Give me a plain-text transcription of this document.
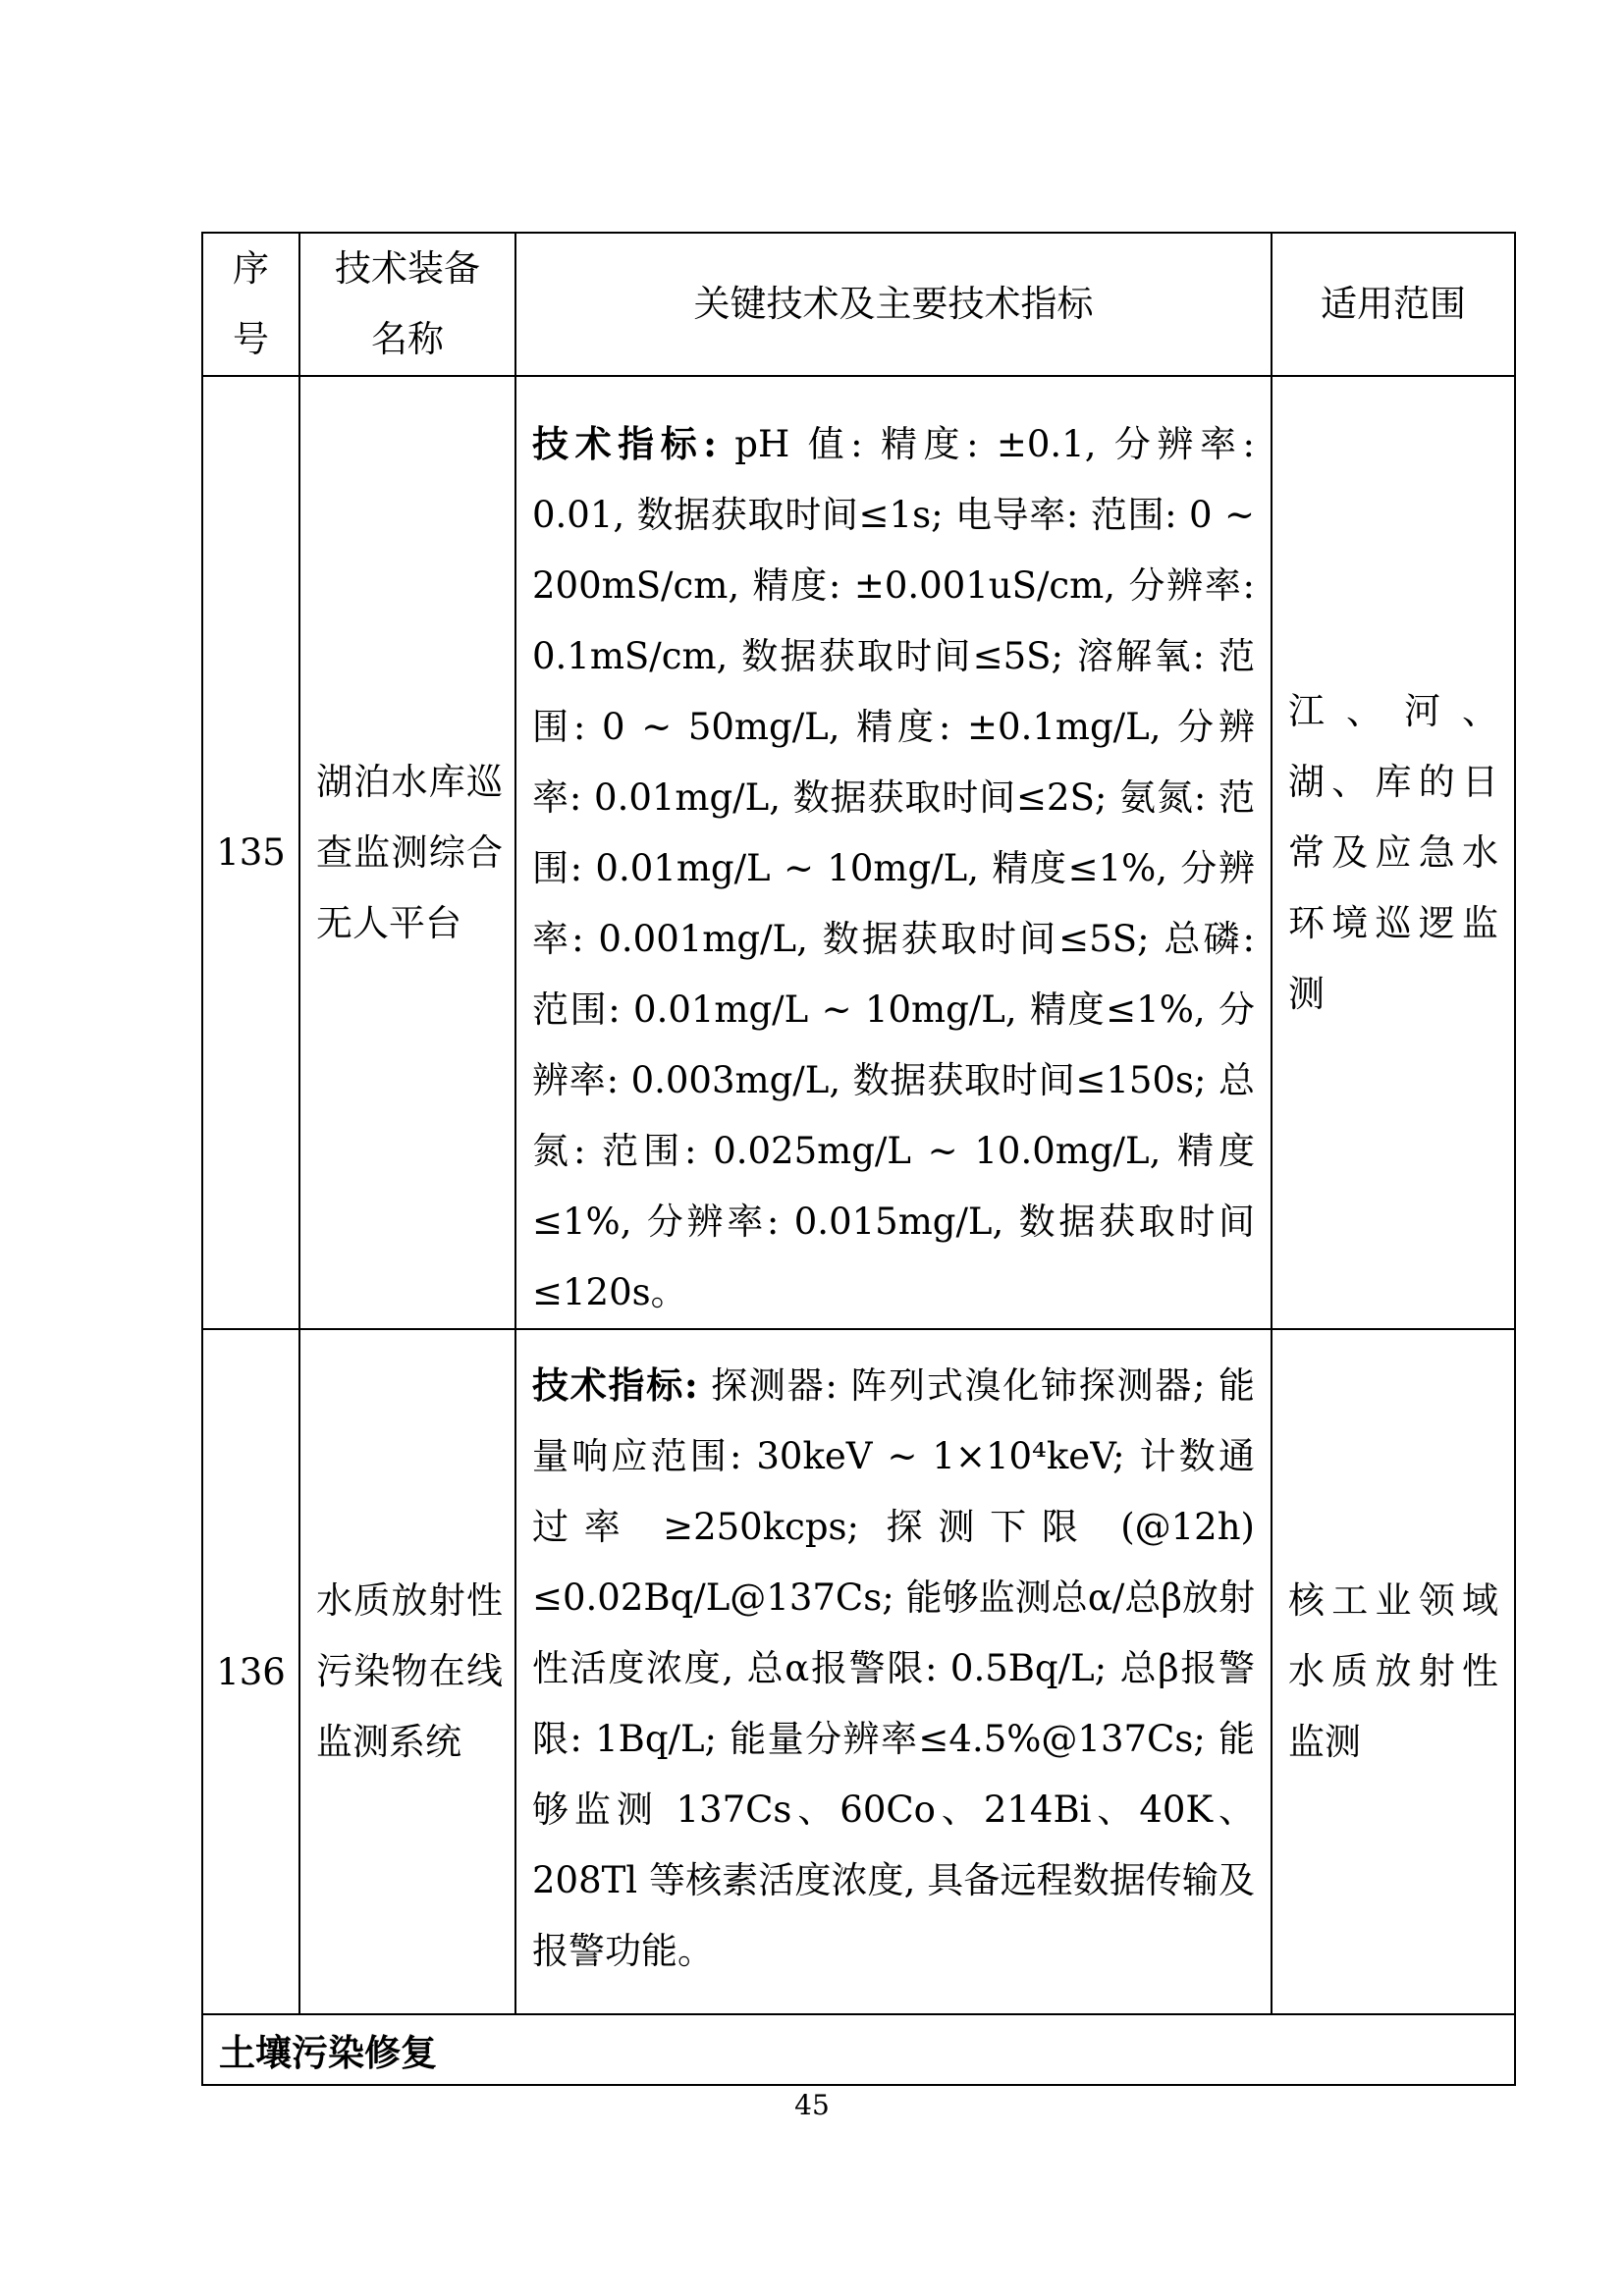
序号	技术装备名称	关键技术及主要技术指标	适用范围
135	湖泊水库巡查监测综合无人平台	技术指标: pH 值: 精度: ±0.1, 分辨率: 0.01, 数据获取时间≤1s; 电导率: 范围: 0 ~ 200mS/cm, 精度: ±0.001uS/cm, 分辨率: 0.1mS/cm, 数据获取时间≤5S; 溶解氧: 范围: 0 ~ 50mg/L, 精度: ±0.1mg/L, 分辨率: 0.01mg/L, 数据获取时间≤2S; 氨氮: 范围: 0.01mg/L ~ 10mg/L, 精度≤1%, 分辨率: 0.001mg/L, 数据获取时间≤5S; 总磷: 范围: 0.01mg/L ~ 10mg/L, 精度≤1%, 分辨率: 0.003mg/L, 数据获取时间≤150s; 总氮: 范围: 0.025mg/L ~ 10.0mg/L, 精度≤1%, 分辨率: 0.015mg/L, 数据获取时间≤120s。	江、河、湖、库的日常及应急水环境巡逻监测
136	水质放射性污染物在线监测系统	技术指标: 探测器: 阵列式溴化铈探测器; 能量响应范围: 30keV ~ 1×10⁴keV; 计数通过率 ≥250kcps; 探测下限 (@12h) ≤0.02Bq/L@137Cs; 能够监测总α/总β放射性活度浓度, 总α报警限: 0.5Bq/L; 总β报警限: 1Bq/L; 能量分辨率≤4.5%@137Cs; 能够监测 137Cs、60Co、214Bi、40K、208Tl 等核素活度浓度, 具备远程数据传输及报警功能。	核工业领域水质放射性监测
土壤污染修复			
45
